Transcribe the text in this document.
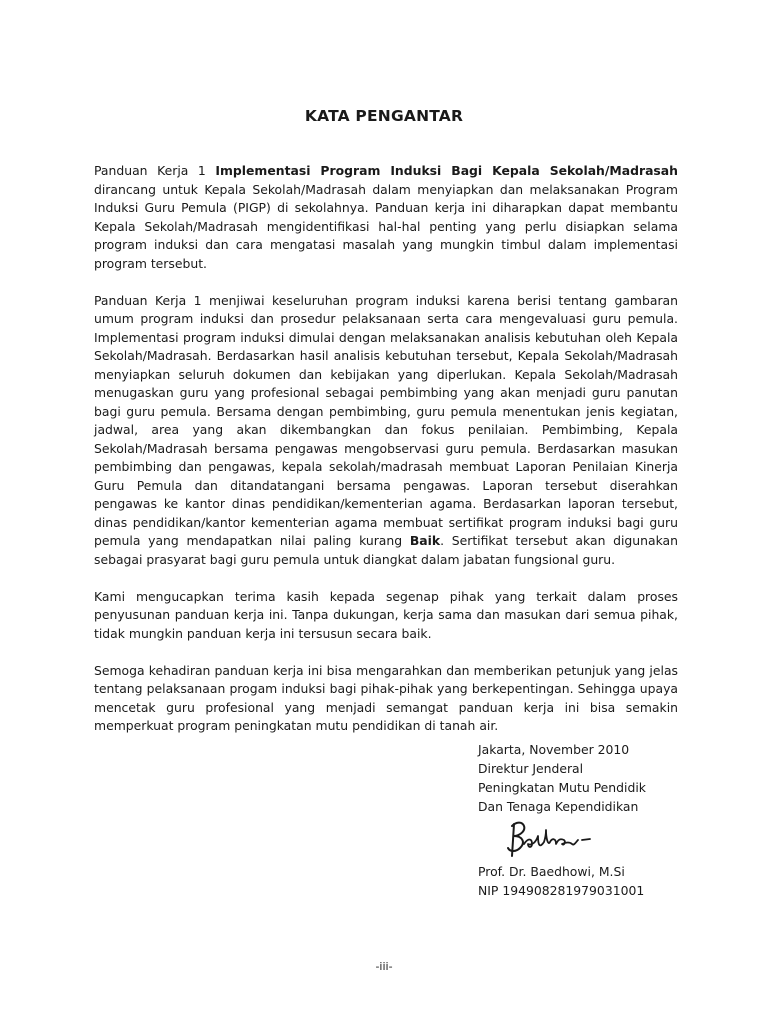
KATA PENGANTAR

Panduan Kerja 1 Implementasi Program Induksi Bagi Kepala Sekolah/Madrasah dirancang untuk Kepala Sekolah/Madrasah dalam menyiapkan dan melaksanakan Program Induksi Guru Pemula (PIGP) di sekolahnya. Panduan kerja ini diharapkan dapat membantu Kepala Sekolah/Madrasah mengidentifikasi hal-hal penting yang perlu disiapkan selama program induksi dan cara mengatasi masalah yang mungkin timbul dalam implementasi program tersebut.

Panduan Kerja 1 menjiwai keseluruhan program induksi karena berisi tentang gambaran umum program induksi dan prosedur pelaksanaan serta cara mengevaluasi guru pemula. Implementasi program induksi dimulai dengan melaksanakan analisis kebutuhan oleh Kepala Sekolah/Madrasah. Berdasarkan hasil analisis kebutuhan tersebut, Kepala Sekolah/Madrasah menyiapkan seluruh dokumen dan kebijakan yang diperlukan. Kepala Sekolah/Madrasah menugaskan guru yang profesional sebagai pembimbing yang akan menjadi guru panutan bagi guru pemula. Bersama dengan pembimbing, guru pemula menentukan jenis kegiatan, jadwal, area yang akan dikembangkan dan fokus penilaian. Pembimbing, Kepala Sekolah/Madrasah bersama pengawas mengobservasi guru pemula. Berdasarkan masukan pembimbing dan pengawas, kepala sekolah/madrasah membuat Laporan Penilaian Kinerja Guru Pemula dan ditandatangani bersama pengawas. Laporan tersebut diserahkan pengawas ke kantor dinas pendidikan/kementerian agama. Berdasarkan laporan tersebut, dinas pendidikan/kantor kementerian agama membuat sertifikat program induksi bagi guru pemula yang mendapatkan nilai paling kurang Baik. Sertifikat tersebut akan digunakan sebagai prasyarat bagi guru pemula untuk diangkat dalam jabatan fungsional guru.

Kami mengucapkan terima kasih kepada segenap pihak yang terkait dalam proses penyusunan panduan kerja ini. Tanpa dukungan, kerja sama dan masukan dari semua pihak, tidak mungkin panduan kerja ini tersusun secara baik.

Semoga kehadiran panduan kerja ini bisa mengarahkan dan memberikan petunjuk yang jelas tentang pelaksanaan progam induksi bagi pihak-pihak yang berkepentingan. Sehingga upaya mencetak guru profesional yang menjadi semangat panduan kerja ini bisa semakin memperkuat program peningkatan mutu pendidikan di tanah air.

Jakarta, November 2010
Direktur Jenderal
Peningkatan Mutu Pendidik
Dan Tenaga Kependidikan
Prof. Dr. Baedhowi, M.Si
NIP 194908281979031001
-iii-
